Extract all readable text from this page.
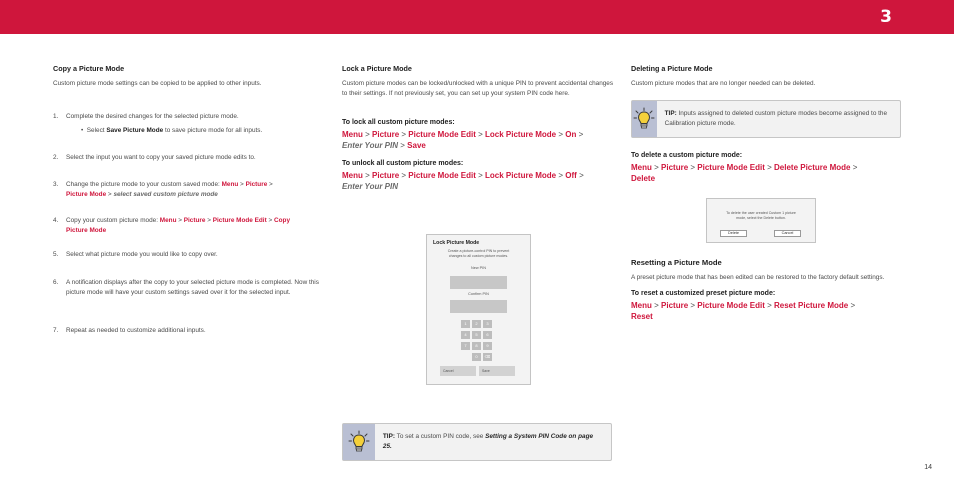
3
Copy a Picture Mode

Custom picture mode settings can be copied to be applied to other inputs.

1. Complete the desired changes for the selected picture mode.
•  Select Save Picture Mode to save picture mode for all inputs.
2. Select the input you want to copy your saved picture mode edits to.
3. Change the picture mode to your custom saved mode: Menu > Picture >
Picture Mode > select saved custom picture mode
4. Copy your custom picture mode: Menu > Picture > Picture Mode Edit > Copy
Picture Mode
5. Select what picture mode you would like to copy over.
6. A notification displays after the copy to your selected picture mode is completed. Now this picture mode will have your custom settings saved over it for the selected input.
7. Repeat as needed to customize additional inputs.
Lock a Picture Mode

Custom picture modes can be locked/unlocked with a unique PIN to prevent accidental changes to their settings. If not previously set, you can set up your system PIN code here.

To lock all custom picture modes:
Menu > Picture > Picture Mode Edit > Lock Picture Mode > On >
Enter Your PIN > Save
To unlock all custom picture modes:
Menu > Picture > Picture Mode Edit > Lock Picture Mode > Off >
Enter Your PIN
Lock Picture Mode
Create a picture-control PIN to prevent changes to all custom picture modes.
New PIN
Confirm PIN
1	2	3
4	5	6
7	8	9
0	⌫
Cancel	Save
TIP: To set a custom PIN code, see Setting a System PIN Code on page 25.
Deleting a Picture Mode

Custom picture modes that are no longer needed can be deleted.

TIP: Inputs assigned to deleted custom picture modes become assigned to the Calibration picture mode.
To delete a custom picture mode:
Menu > Picture > Picture Mode Edit > Delete Picture Mode >
Delete
To delete the user created Custom 1 picture mode, select the Delete button.
Delete	Cancel
Resetting a Picture Mode

A preset picture mode that has been edited can be restored to the factory default settings.

To reset a customized preset picture mode:
Menu > Picture > Picture Mode Edit > Reset Picture Mode >
Reset
14
